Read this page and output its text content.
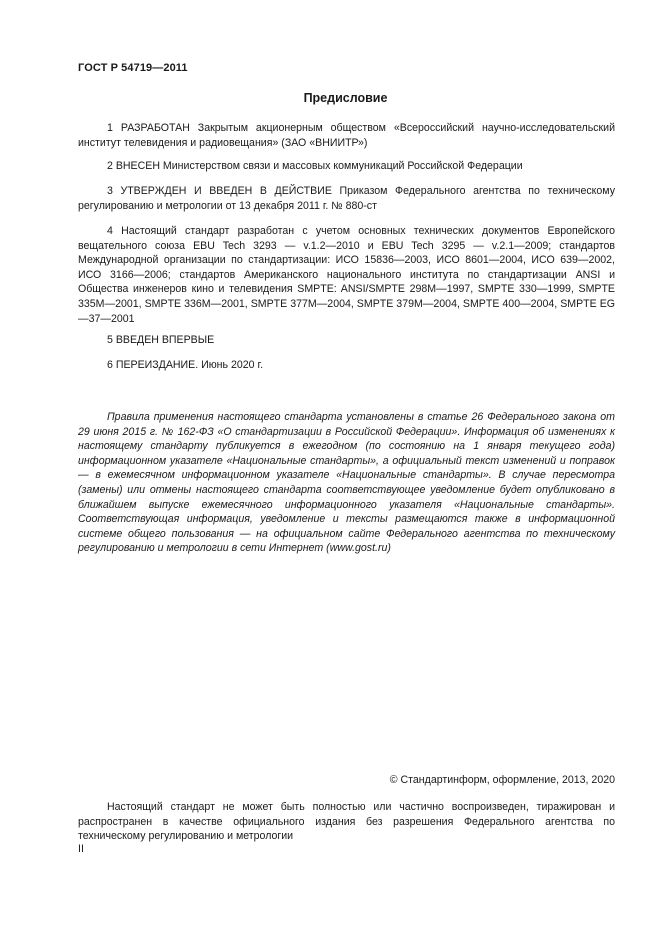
ГОСТ Р 54719—2011
Предисловие

1 РАЗРАБОТАН Закрытым акционерным обществом «Всероссийский научно-исследовательский институт телевидения и радиовещания» (ЗАО «ВНИИТР»)

2 ВНЕСЕН Министерством связи и массовых коммуникаций Российской Федерации

3 УТВЕРЖДЕН И ВВЕДЕН В ДЕЙСТВИЕ Приказом Федерального агентства по техническому регулированию и метрологии от 13 декабря 2011 г. № 880-ст

4 Настоящий стандарт разработан с учетом основных технических документов Европейского вещательного союза EBU Tech 3293 — v.1.2—2010 и EBU Tech 3295 — v.2.1—2009; стандартов Международной организации по стандартизации: ИСО 15836—2003, ИСО 8601—2004, ИСО 639—2002, ИСО 3166—2006; стандартов Американского национального института по стандартизации ANSI и Общества инженеров кино и телевидения SMPTE: ANSI/SMPTE 298M—1997, SMPTE 330—1999, SMPTE 335M—2001, SMPTE 336M—2001, SMPTE 377M—2004, SMPTE 379M—2004, SMPTE 400—2004, SMPTE EG—37—2001

5 ВВЕДЕН ВПЕРВЫЕ

6 ПЕРЕИЗДАНИЕ. Июнь 2020 г.

Правила применения настоящего стандарта установлены в статье 26 Федерального закона от 29 июня 2015 г. № 162-ФЗ «О стандартизации в Российской Федерации». Информация об изменениях к настоящему стандарту публикуется в ежегодном (по состоянию на 1 января текущего года) информационном указателе «Национальные стандарты», а официальный текст изменений и поправок — в ежемесячном информационном указателе «Национальные стандарты». В случае пересмотра (замены) или отмены настоящего стандарта соответствующее уведомление будет опубликовано в ближайшем выпуске ежемесячного информационного указателя «Национальные стандарты». Соответствующая информация, уведомление и тексты размещаются также в информационной системе общего пользования — на официальном сайте Федерального агентства по техническому регулированию и метрологии в сети Интернет (www.gost.ru)

© Стандартинформ, оформление, 2013, 2020

Настоящий стандарт не может быть полностью или частично воспроизведен, тиражирован и распространен в качестве официального издания без разрешения Федерального агентства по техническому регулированию и метрологии

II
